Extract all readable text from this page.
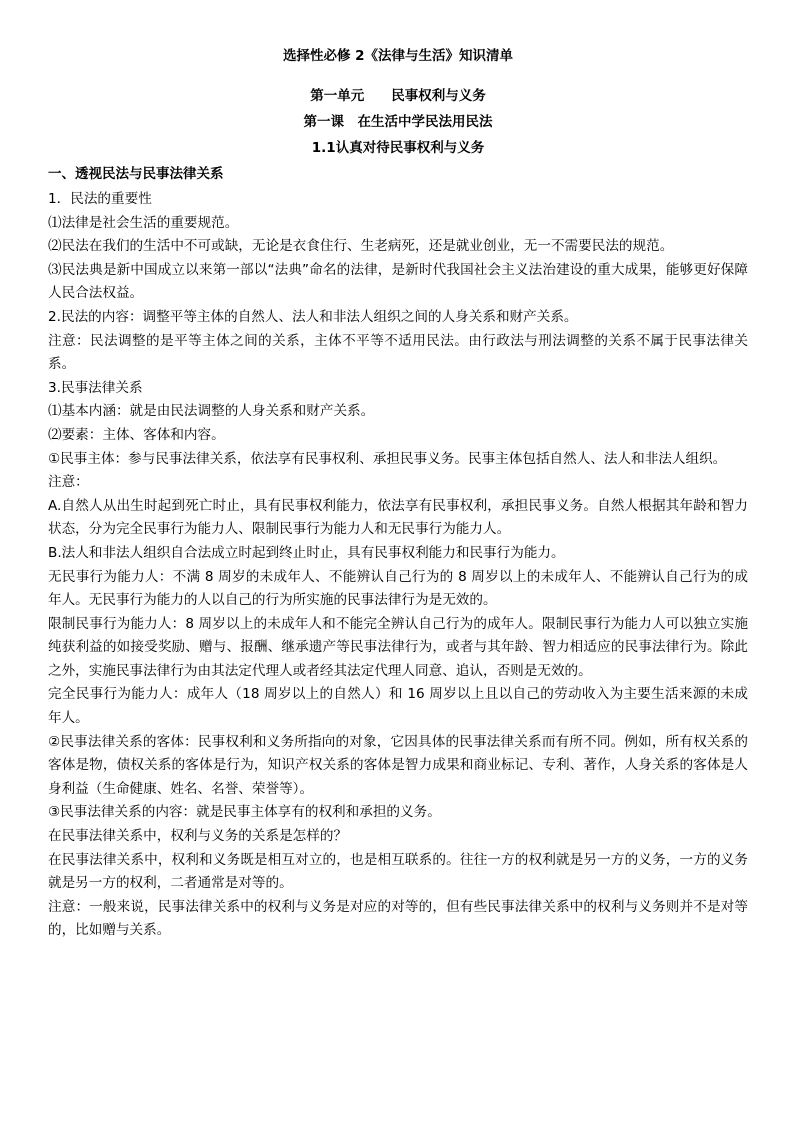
选择性必修 2《法律与生活》知识清单
第一单元　　民事权利与义务
第一课　在生活中学民法用民法
1.1认真对待民事权利与义务
一、透视民法与民事法律关系

1．民法的重要性

⑴法律是社会生活的重要规范。

⑵民法在我们的生活中不可或缺，无论是衣食住行、生老病死，还是就业创业，无一不需要民法的规范。

⑶民法典是新中国成立以来第一部以“法典”命名的法律，是新时代我国社会主义法治建设的重大成果，能够更好保障人民合法权益。

2.民法的内容：调整平等主体的自然人、法人和非法人组织之间的人身关系和财产关系。

注意：民法调整的是平等主体之间的关系，主体不平等不适用民法。由行政法与刑法调整的关系不属于民事法律关系。

3.民事法律关系

⑴基本内涵：就是由民法调整的人身关系和财产关系。

⑵要素：主体、客体和内容。

①民事主体：参与民事法律关系，依法享有民事权利、承担民事义务。民事主体包括自然人、法人和非法人组织。

注意：

A.自然人从出生时起到死亡时止，具有民事权利能力，依法享有民事权利，承担民事义务。自然人根据其年龄和智力状态，分为完全民事行为能力人、限制民事行为能力人和无民事行为能力人。

B.法人和非法人组织自合法成立时起到终止时止，具有民事权利能力和民事行为能力。

无民事行为能力人：不满 8 周岁的未成年人、不能辨认自己行为的 8 周岁以上的未成年人、不能辨认自己行为的成年人。无民事行为能力的人以自己的行为所实施的民事法律行为是无效的。

限制民事行为能力人：8 周岁以上的未成年人和不能完全辨认自己行为的成年人。限制民事行为能力人可以独立实施纯获利益的如接受奖励、赠与、报酬、继承遗产等民事法律行为，或者与其年龄、智力相适应的民事法律行为。除此之外，实施民事法律行为由其法定代理人或者经其法定代理人同意、追认，否则是无效的。

完全民事行为能力人：成年人（18 周岁以上的自然人）和 16 周岁以上且以自己的劳动收入为主要生活来源的未成年人。

②民事法律关系的客体：民事权利和义务所指向的对象，它因具体的民事法律关系而有所不同。例如，所有权关系的客体是物，债权关系的客体是行为，知识产权关系的客体是智力成果和商业标记、专利、著作，人身关系的客体是人身利益（生命健康、姓名、名誉、荣誉等）。

③民事法律关系的内容：就是民事主体享有的权利和承担的义务。

在民事法律关系中，权利与义务的关系是怎样的？

在民事法律关系中，权利和义务既是相互对立的，也是相互联系的。往往一方的权利就是另一方的义务，一方的义务就是另一方的权利，二者通常是对等的。

注意：一般来说，民事法律关系中的权利与义务是对应的对等的，但有些民事法律关系中的权利与义务则并不是对等的，比如赠与关系。
